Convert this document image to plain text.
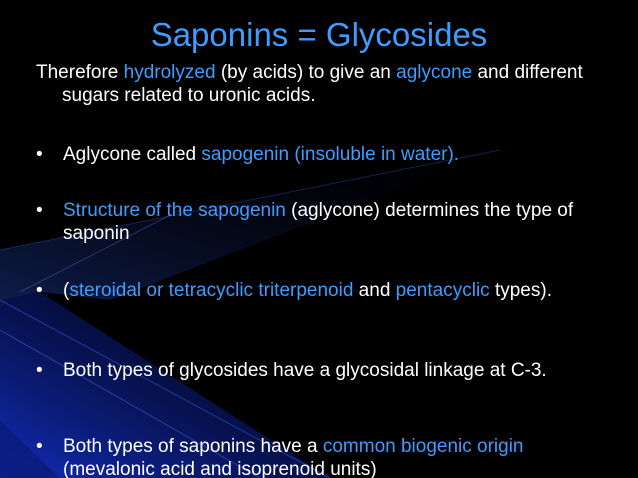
Saponins = Glycosides
Therefore hydrolyzed (by acids) to give an aglycone and different sugars related to uronic acids.
•	Aglycone called sapogenin (insoluble in water).
•	Structure of the sapogenin (aglycone) determines the type of saponin
•	(steroidal or tetracyclic triterpenoid and pentacyclic types).
•	Both types of glycosides have a glycosidal linkage at C-3.
•	Both types of saponins have a common biogenic origin (mevalonic acid and isoprenoid units)
